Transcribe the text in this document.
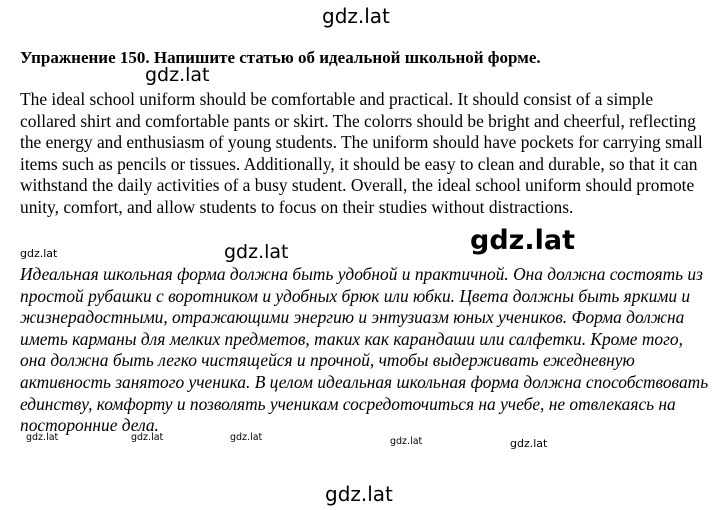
Упражнение 150. Напишите статью об идеальной школьной форме.

The ideal school uniform should be comfortable and practical. It should consist of a simple collared shirt and comfortable pants or skirt. The colorrs should be bright and cheerful, reflecting the energy and enthusiasm of young students. The uniform should have pockets for carrying small items such as pencils or tissues. Additionally, it should be easy to clean and durable, so that it can withstand the daily activities of a busy student. Overall, the ideal school uniform should promote unity, comfort, and allow students to focus on their studies without distractions.

Идеальная школьная форма должна быть удобной и практичной. Она должна состоять из простой рубашки с воротником и удобных брюк или юбки. Цвета должны быть яркими и жизнерадостными, отражающими энергию и энтузиазм юных учеников. Форма должна иметь карманы для мелких предметов, таких как карандаши или салфетки. Кроме того, она должна быть легко чистящейся и прочной, чтобы выдерживать ежедневную активность занятого ученика. В целом идеальная школьная форма должна способствовать единству, комфорту и позволять ученикам сосредоточиться на учебе, не отвлекаясь на посторонние дела.

gdz.lat
gdz.lat
gdz.lat	gdz.lat
gdz.lat
gdz.lat	gdz.lat	gdz.lat	gdz.lat	gdz.lat
gdz.lat
